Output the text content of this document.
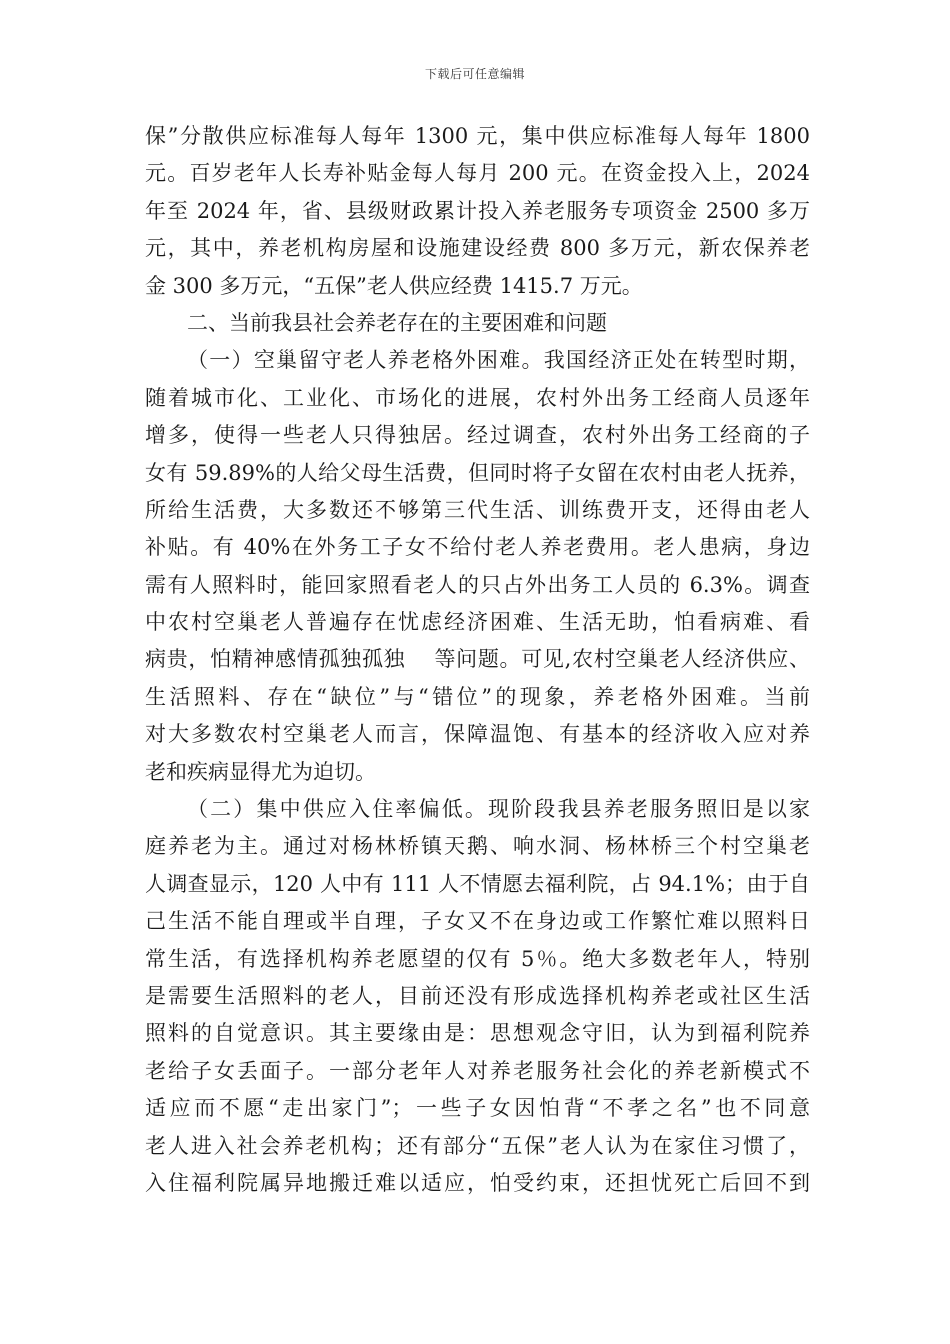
下载后可任意编辑
保”分散供应标准每人每年 1300 元，集中供应标准每人每年 1800
元。百岁老年人长寿补贴金每人每月 200 元。在资金投入上，2024
年至 2024 年，省、县级财政累计投入养老服务专项资金 2500 多万
元，其中，养老机构房屋和设施建设经费 800 多万元，新农保养老
金 300 多万元，“五保”老人供应经费 1415.7 万元。
二、当前我县社会养老存在的主要困难和问题
（一）空巢留守老人养老格外困难。我国经济正处在转型时期，
随着城市化、工业化、市场化的进展，农村外出务工经商人员逐年
增多，使得一些老人只得独居。经过调查，农村外出务工经商的子
女有 59.89%的人给父母生活费，但同时将子女留在农村由老人抚养，
所给生活费，大多数还不够第三代生活、训练费开支，还得由老人
补贴。有 40%在外务工子女不给付老人养老费用。老人患病，身边
需有人照料时，能回家照看老人的只占外出务工人员的 6.3%。调查
中农村空巢老人普遍存在忧虑经济困难、生活无助，怕看病难、看
病贵，怕精神感情孤独孤独　 等问题。可见,农村空巢老人经济供应、
生活照料、存在“缺位”与“错位”的现象，养老格外困难。当前
对大多数农村空巢老人而言，保障温饱、有基本的经济收入应对养
老和疾病显得尤为迫切。
（二）集中供应入住率偏低。现阶段我县养老服务照旧是以家
庭养老为主。通过对杨林桥镇天鹅、响水洞、杨林桥三个村空巢老
人调查显示，120 人中有 111 人不情愿去福利院，占 94.1%；由于自
己生活不能自理或半自理，子女又不在身边或工作繁忙难以照料日
常生活，有选择机构养老愿望的仅有 5％。绝大多数老年人，特别
是需要生活照料的老人，目前还没有形成选择机构养老或社区生活
照料的自觉意识。其主要缘由是：思想观念守旧，认为到福利院养
老给子女丢面子。一部分老年人对养老服务社会化的养老新模式不
适应而不愿“走出家门”；一些子女因怕背“不孝之名”也不同意
老人进入社会养老机构；还有部分“五保”老人认为在家住习惯了，
入住福利院属异地搬迁难以适应，怕受约束，还担忧死亡后回不到
